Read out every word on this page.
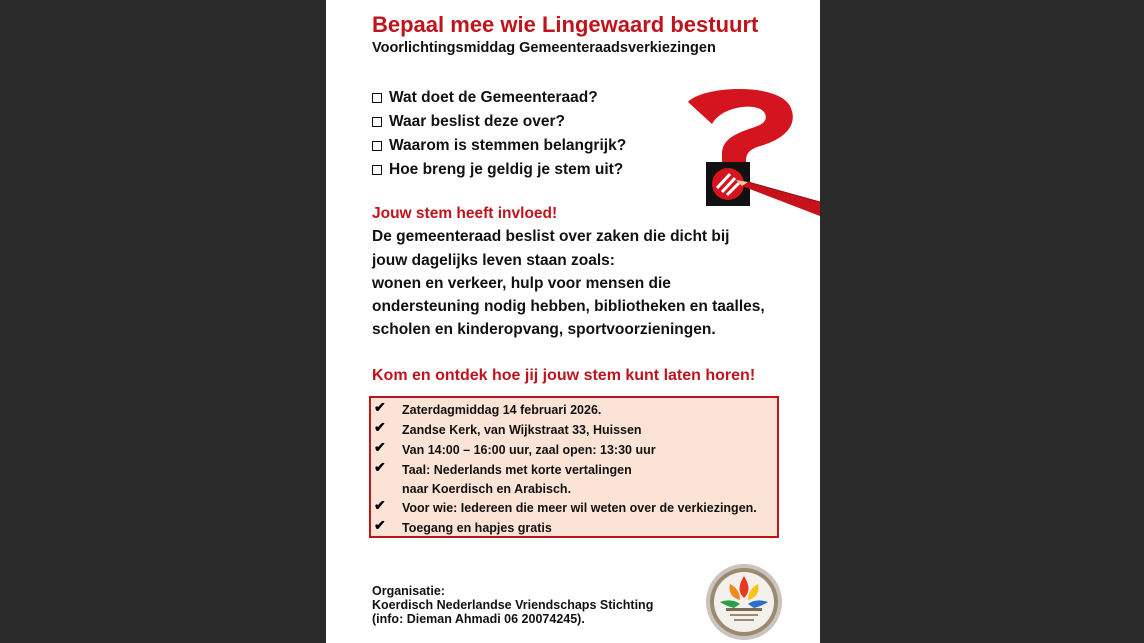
Bepaal mee wie Lingewaard bestuurt
Voorlichtingsmiddag Gemeenteraadsverkiezingen
Wat doet de Gemeenteraad?
Waar beslist deze over?
Waarom is stemmen belangrijk?
Hoe breng je geldig je stem uit?
Jouw stem heeft invloed!
De gemeenteraad beslist over zaken die dicht bij
jouw dagelijks leven staan zoals:
wonen en verkeer, hulp voor mensen die
ondersteuning nodig hebben, bibliotheken en taalles,
scholen en kinderopvang, sportvoorzieningen.
Kom en ontdek hoe jij jouw stem kunt laten horen!
✔ Zaterdagmiddag 14 februari 2026.
✔ Zandse Kerk, van Wijkstraat 33, Huissen
✔ Van 14:00 – 16:00 uur, zaal open: 13:30 uur
✔ Taal: Nederlands met korte vertalingen
naar Koerdisch en Arabisch.
✔ Voor wie: Iedereen die meer wil weten over de verkiezingen.
✔ Toegang en hapjes gratis
Organisatie:
Koerdisch Nederlandse Vriendschaps Stichting
(info: Dieman Ahmadi 06 20074245).
